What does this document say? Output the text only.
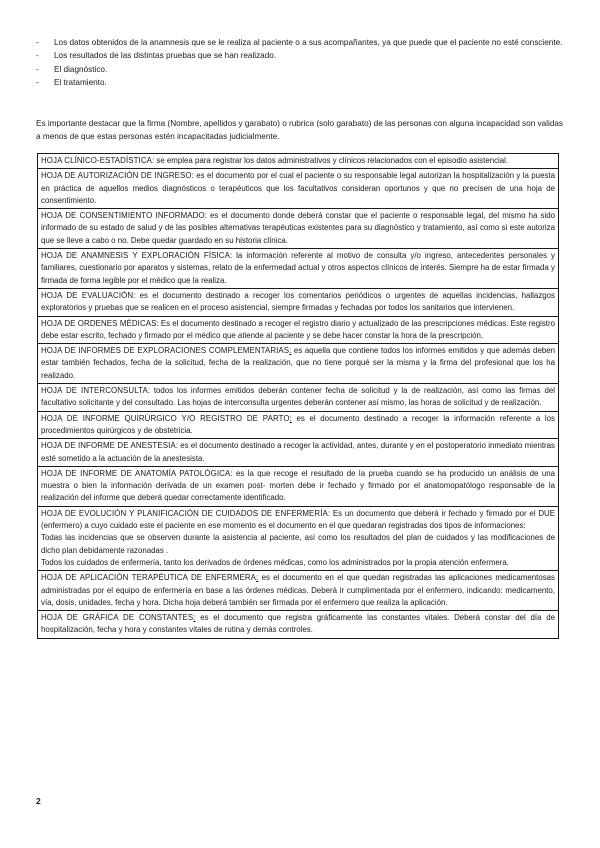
-	Los datos obtenidos de la anamnesis que se le realiza al paciente o a sus acompañantes, ya que puede que el paciente no esté consciente.
-	Los resultados de las distintas pruebas que se han realizado.
-	El diagnóstico.
-	El tratamiento.
Es importante destacar que la firma (Nombre, apellidos y garabato) o rubrica (solo garabato) de las personas con alguna incapacidad son validas a menos de que estas personas estén incapacitadas judicialmente.
HOJA CLÍNICO-ESTADÍSTICA: se emplea para registrar los datos administrativos y clínicos relacionados con el episodio asistencial.
HOJA DE AUTORIZACIÓN DE INGRESO: es el documento por el cual el paciente o su responsable legal autorizan la hospitalización y la puesta en práctica de aquellos medios diagnósticos o terapéuticos que los facultativos consideran oportunos y que no precisen de una hoja de consentimiento.
HOJA DE CONSENTIMIENTO INFORMADO: es el documento donde deberá constar que el paciente o responsable legal, del mismo ha sido informado de su estado de salud y de las posibles alternativas terapéuticas existentes para su diagnóstico y tratamiento, así como si este autoriza que se lleve a cabo o no. Debe quedar guardado en su historia clínica.
HOJA DE ANAMNESIS Y EXPLORACIÓN FÍSICA: la información referente al motivo de consulta y/o ingreso, antecedentes personales y familiares, cuestionario por aparatos y sistemas, relato de la enfermedad actual y otros aspectos clínicos de interés. Siempre ha de estar firmada y firmada de forma legible por el médico que la realiza.
HOJA DE EVALUACIÓN: es el documento destinado a recoger los comentarios periódicos o urgentes de aquellas incidencias, hallazgos exploratorios y pruebas que se realicen en el proceso asistencial, siempre firmadas y fechadas por todos los sanitarios que intervienen.
HOJA DE ORDENES MÉDICAS: Es el documento destinado a recoger el registro diario y actualizado de las prescripciones médicas. Este registro debe estar escrito, fechado y firmado por el médico que atiende al paciente y se debe hacer constar la hora de la prescripción.
HOJA DE INFORMES DE EXPLORACIONES COMPLEMENTARIAS: es aquella que contiene todos los informes emitidos y que además deben estar también fechados, fecha de la solicitud, fecha de la realización, que no tiene porqué ser la misma y la firma del profesional que los ha realizado.
HOJA DE INTERCONSULTA: todos los informes emitidos deberán contener fecha de solicitud y la de realización, así como las firmas del facultativo solicitante y del consultado. Las hojas de interconsulta urgentes deberán contener así mismo, las horas de solicitud y de realización.
HOJA DE INFORME QUIRÚRGICO Y/O REGISTRO DE PARTO: es el documento destinado a recoger la información referente a los procedimientos quirúrgicos y de obstetricia.
HOJA DE INFORME DE ANESTESIA: es el documento destinado a recoger la actividad, antes, durante y en el postoperatorio inmediato mientras esté sometido a la actuación de la anestesista.
HOJA DE INFORME DE ANATOMÍA PATOLÓGICA: es la que recoge el resultado de la prueba cuando se ha producido un análisis de una muestra o bien la información derivada de un examen post- morten debe ir fechado y firmado por el anatomopatólogo responsable de la realización del informe que deberá quedar correctamente identificado.
HOJA DE EVOLUCIÓN Y PLANIFICACIÓN DE CUIDADOS DE ENFERMERÍA: Es un documento que deberá ir fechado y firmado por el DUE (enfermero) a cuyo cuidado este el paciente en ese momento es el documento en el que quedaran registradas dos tipos de informaciones:
Todas las incidencias que se observen durante la asistencia al paciente, así como los resultados del plan de cuidados y las modificaciones de dicho plan debidamente razonadas .
Todos los cuidados de enfermería, tanto los derivados de órdenes médicas, como los administrados por la propia atención enfermera.

HOJA DE APLICACIÓN TERAPÉUTICA DE ENFERMERA: es el documento en el que quedan registradas las aplicaciones medicamentosas administradas por el equipo de enfermería en base a las órdenes médicas. Deberá ir cumplimentada por el enfermero, indicando: medicamento, vía, dosis, unidades, fecha y hora. Dicha hoja deberá también ser firmada por el enfermero que realiza la aplicación.
HOJA DE GRÁFICA DE CONSTANTES: es el documento que registra gráficamente las constantes vitales. Deberá constar del día de hospitalización, fecha y hora y constantes vitales de rutina y demás controles.
2
